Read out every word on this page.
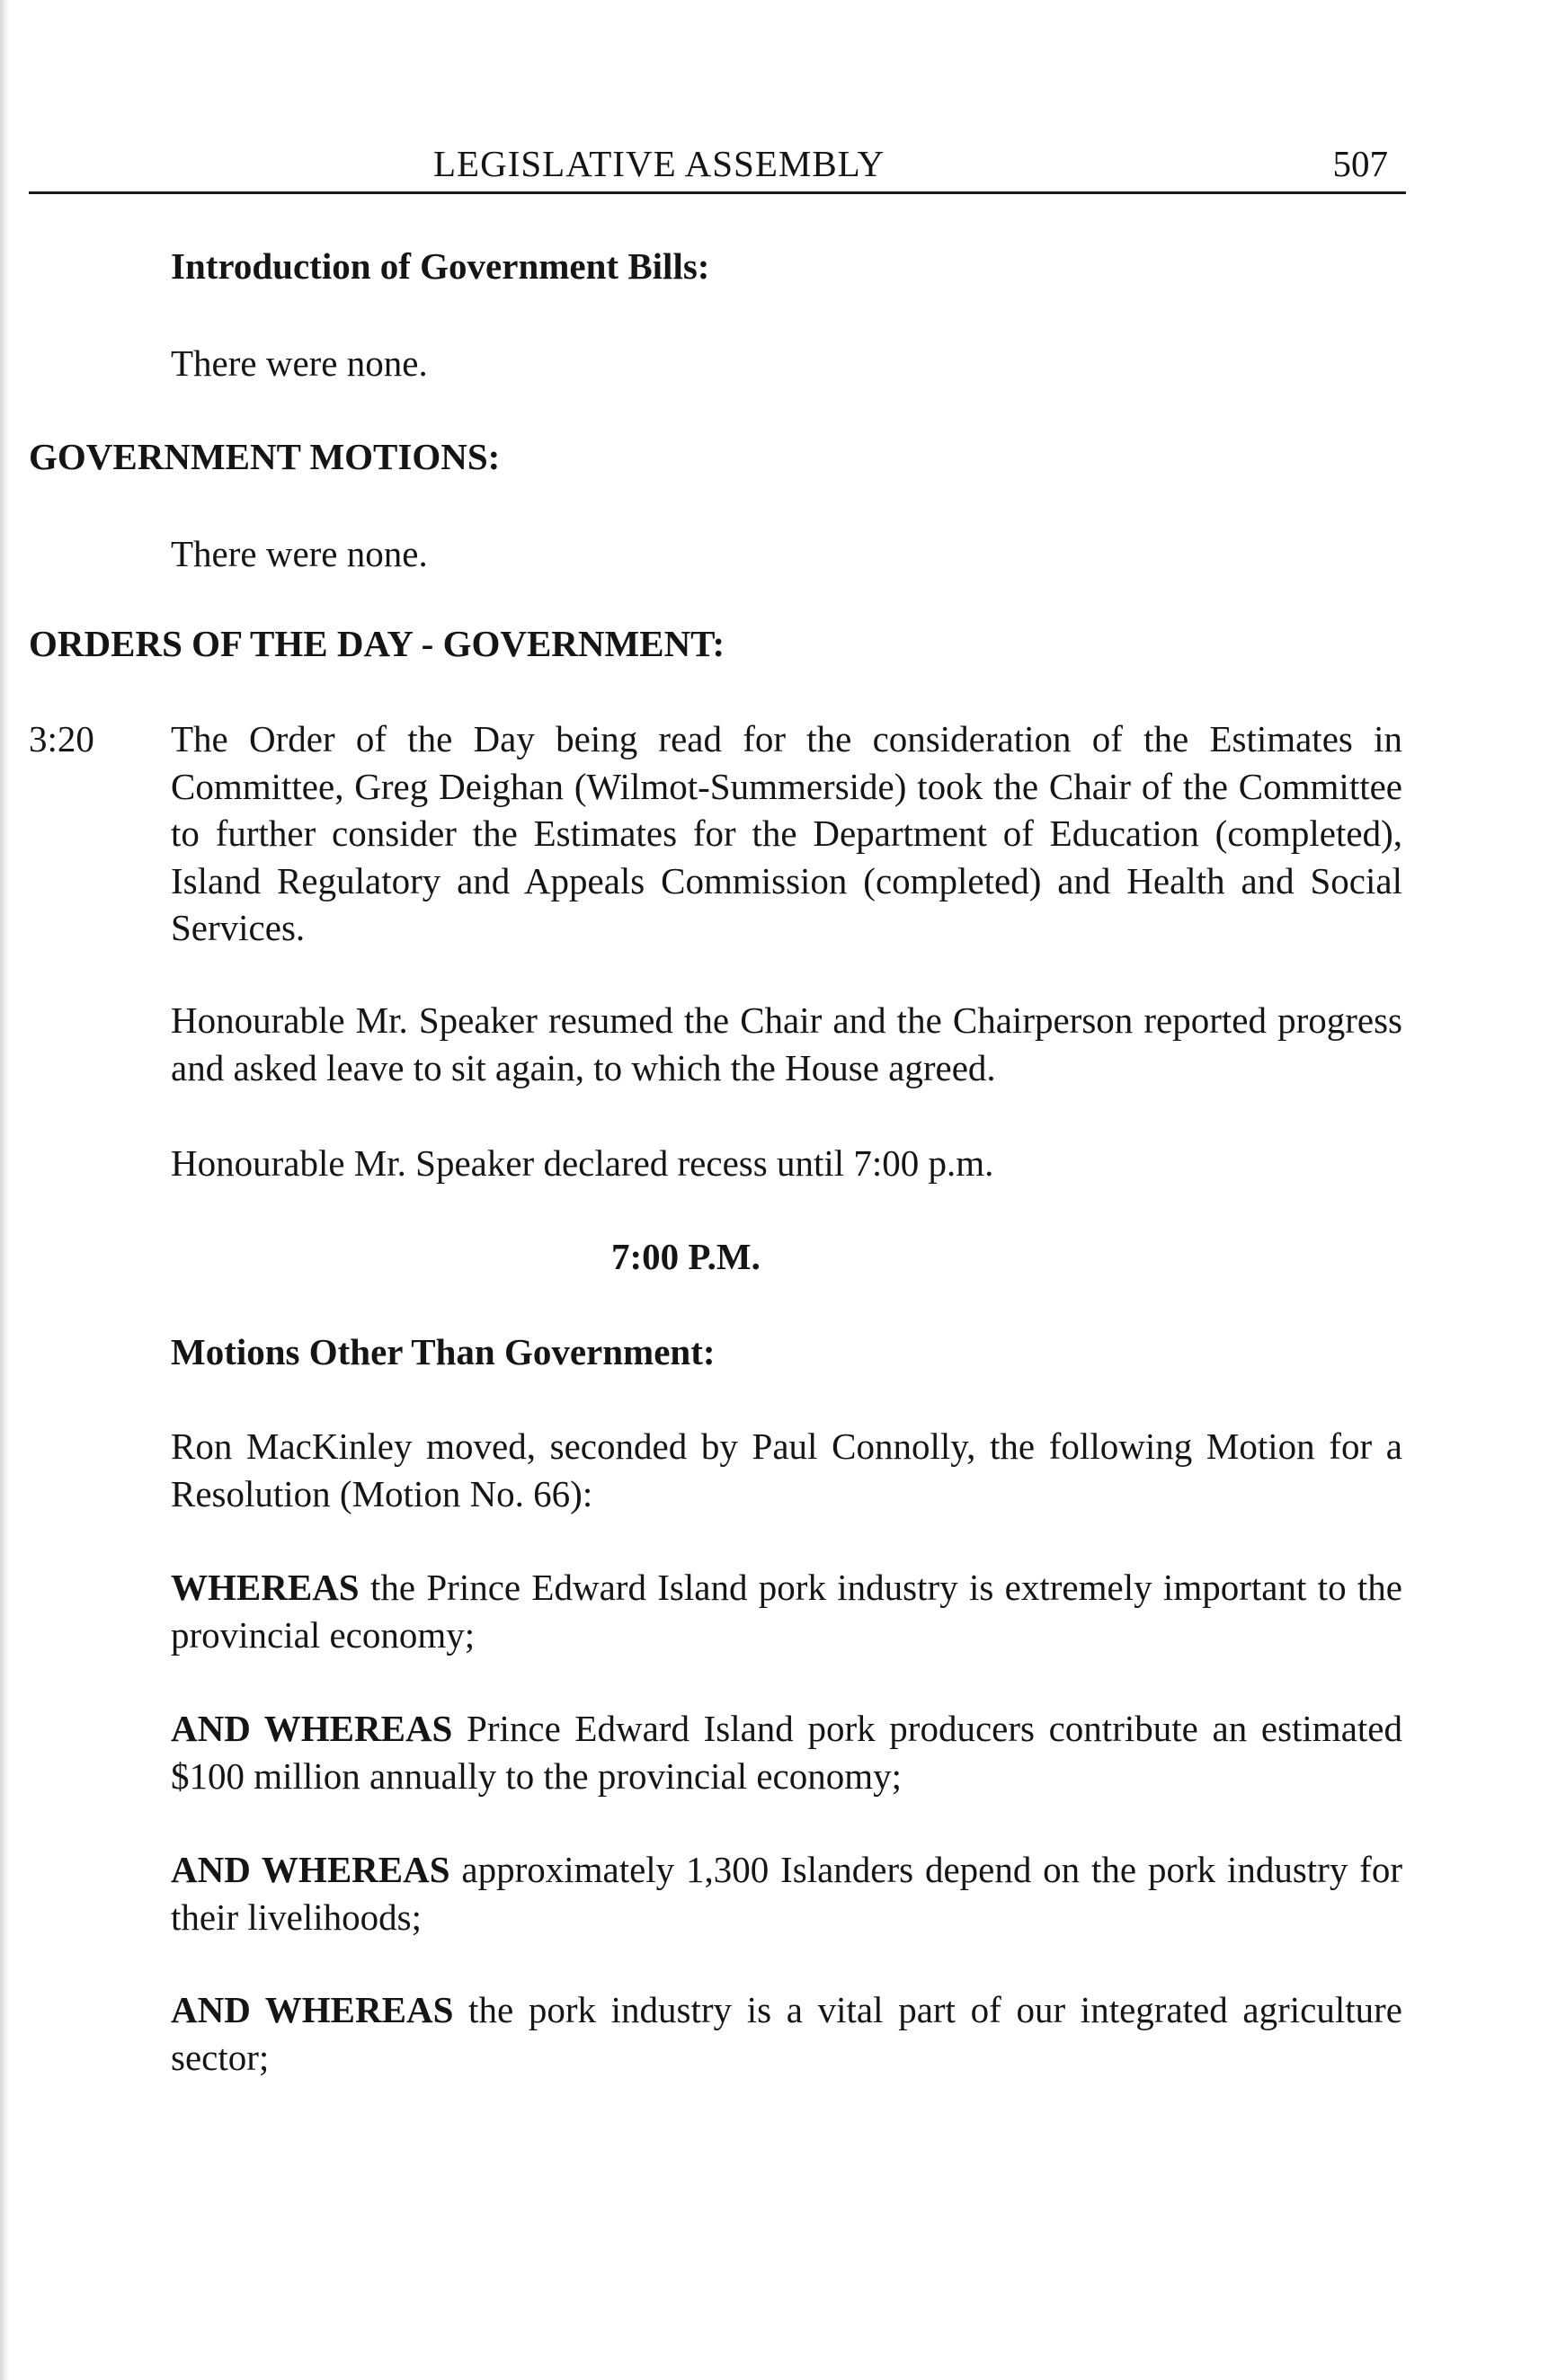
LEGISLATIVE ASSEMBLY	507
Introduction of Government Bills:
There were none.
GOVERNMENT MOTIONS:
There were none.
ORDERS OF THE DAY - GOVERNMENT:
3:20 The Order of the Day being read for the consideration of the Estimates in Committee, Greg Deighan (Wilmot-Summerside) took the Chair of the Committee to further consider the Estimates for the Department of Education (completed), Island Regulatory and Appeals Commission (completed) and Health and Social Services.
Honourable Mr. Speaker resumed the Chair and the Chairperson reported progress and asked leave to sit again, to which the House agreed.
Honourable Mr. Speaker declared recess until 7:00 p.m.
7:00 P.M.
Motions Other Than Government:
Ron MacKinley moved, seconded by Paul Connolly, the following Motion for a Resolution (Motion No. 66):
WHEREAS the Prince Edward Island pork industry is extremely important to the provincial economy;
AND WHEREAS Prince Edward Island pork producers contribute an estimated $100 million annually to the provincial economy;
AND WHEREAS approximately 1,300 Islanders depend on the pork industry for their livelihoods;
AND WHEREAS the pork industry is a vital part of our integrated agriculture sector;
